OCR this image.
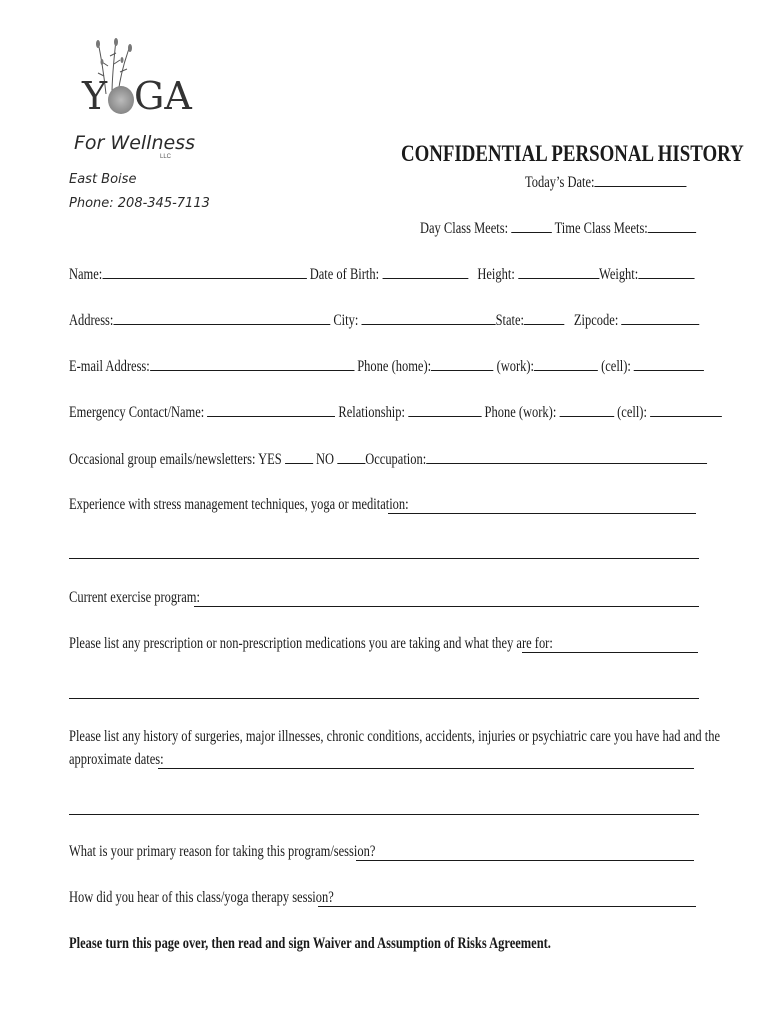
Y GA
For Wellness
LLC
East Boise
Phone: 208-345-7113
CONFIDENTIAL PERSONAL HISTORY
Today’s Date:
Day Class Meets:	Time Class Meets:
Name:	Date of Birth:	Height:	Weight:
Address:	City:	State:	Zipcode:
E-mail Address:	Phone (home):	(work):	(cell):
Emergency Contact/Name:	Relationship:	Phone (work):	(cell):
Occasional group emails/newsletters: YES NO Occupation:
Experience with stress management techniques, yoga or meditation:
Current exercise program:
Please list any prescription or non-prescription medications you are taking and what they are for:
Please list any history of surgeries, major illnesses, chronic conditions, accidents, injuries or psychiatric care you have had and the
approximate dates:
What is your primary reason for taking this program/session?
How did you hear of this class/yoga therapy session?
Please turn this page over, then read and sign Waiver and Assumption of Risks Agreement.
